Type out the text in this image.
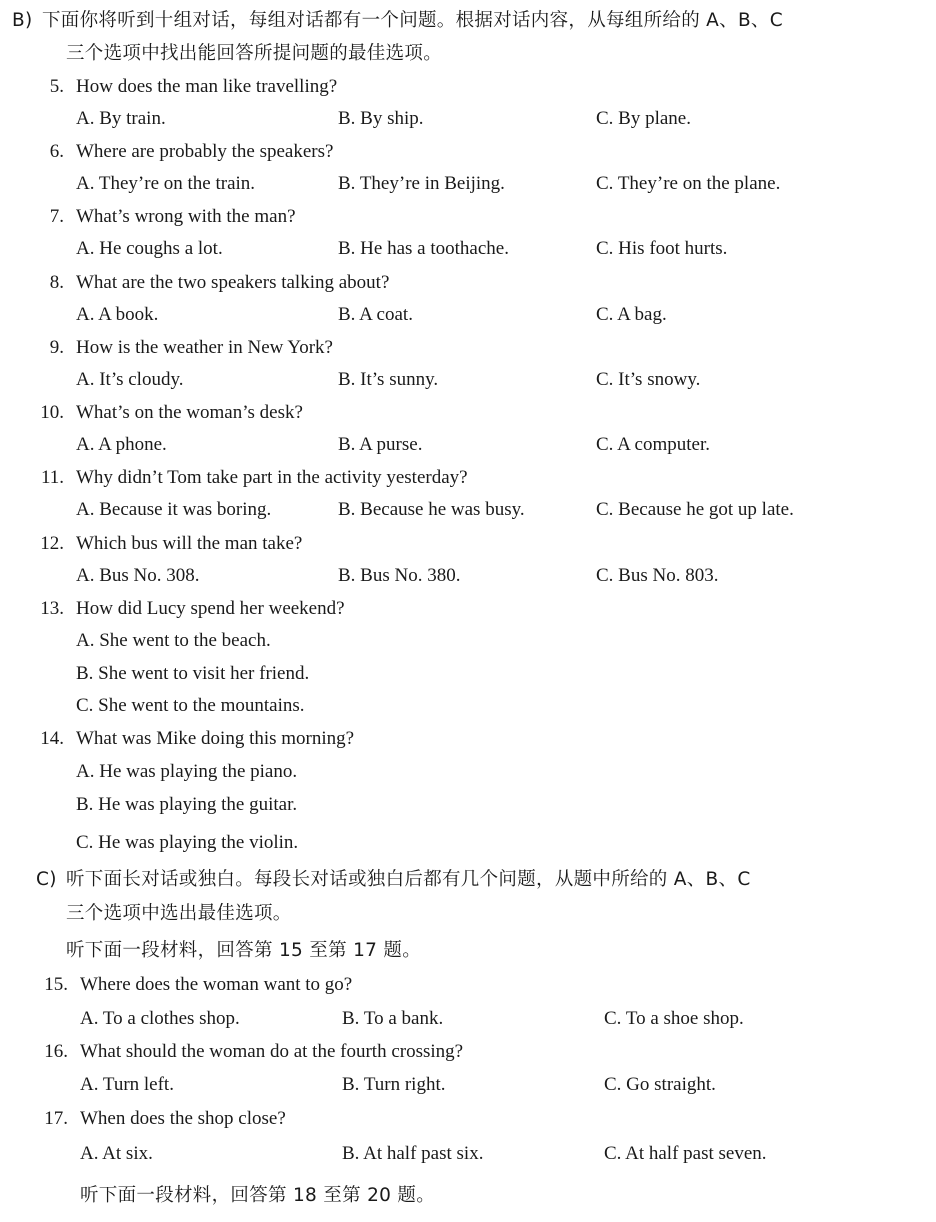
B) 下面你将听到十组对话，每组对话都有一个问题。根据对话内容，从每组所给的 A、B、C
三个选项中找出能回答所提问题的最佳选项。
5. How does the man like travelling?
A. By train.	B. By ship.	C. By plane.
6. Where are probably the speakers?
A. They’re on the train.	B. They’re in Beijing.	C. They’re on the plane.
7. What’s wrong with the man?
A. He coughs a lot.	B. He has a toothache.	C. His foot hurts.
8. What are the two speakers talking about?
A. A book.	B. A coat.	C. A bag.
9. How is the weather in New York?
A. It’s cloudy.	B. It’s sunny.	C. It’s snowy.
10. What’s on the woman’s desk?
A. A phone.	B. A purse.	C. A computer.
11. Why didn’t Tom take part in the activity yesterday?
A. Because it was boring.	B. Because he was busy.	C. Because he got up late.
12. Which bus will the man take?
A. Bus No. 308.	B. Bus No. 380.	C. Bus No. 803.
13. How did Lucy spend her weekend?
A. She went to the beach.
B. She went to visit her friend.
C. She went to the mountains.
14. What was Mike doing this morning?
A. He was playing the piano.
B. He was playing the guitar.
C. He was playing the violin.
C) 听下面长对话或独白。每段长对话或独白后都有几个问题，从题中所给的 A、B、C
三个选项中选出最佳选项。
听下面一段材料，回答第 15 至第 17 题。
15. Where does the woman want to go?
A. To a clothes shop.	B. To a bank.	C. To a shoe shop.
16. What should the woman do at the fourth crossing?
A. Turn left.	B. Turn right.	C. Go straight.
17. When does the shop close?
A. At six.	B. At half past six.	C. At half past seven.
听下面一段材料，回答第 18 至第 20 题。
